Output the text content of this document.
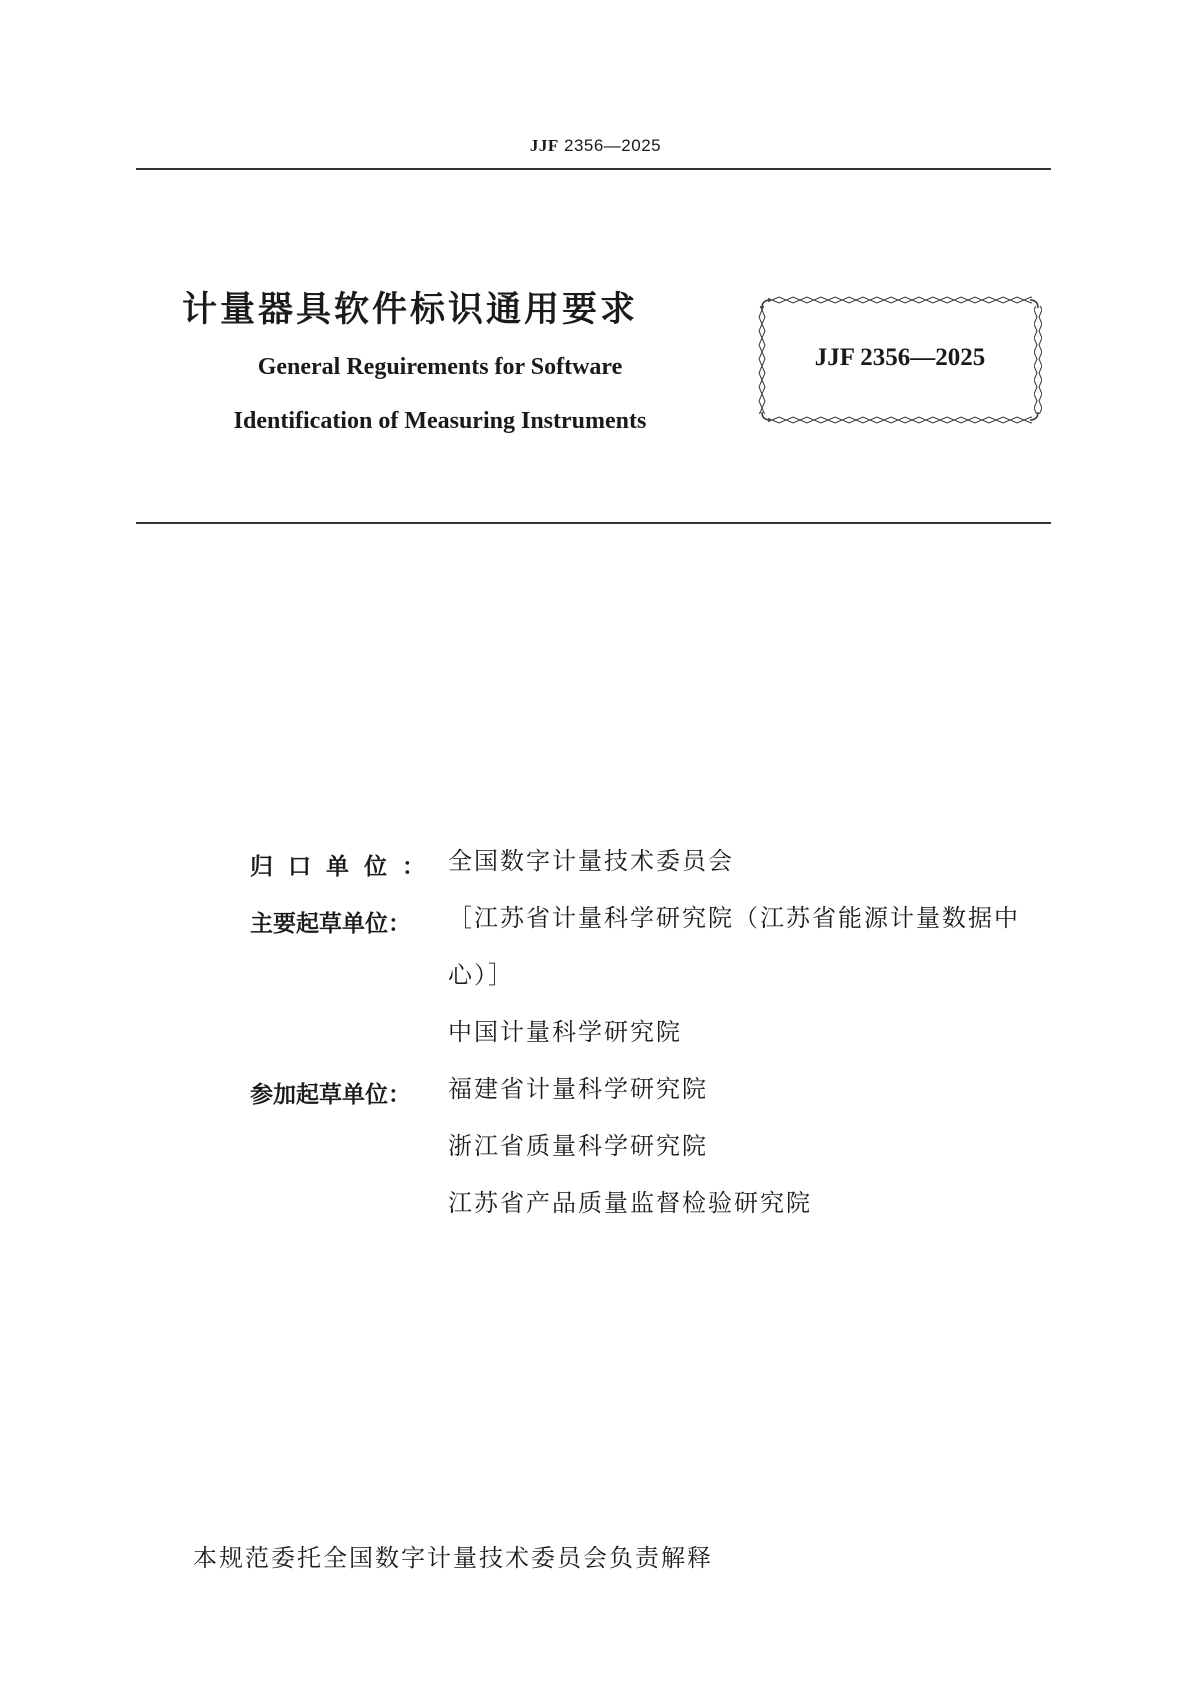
JJF 2356—2025
计量器具软件标识通用要求
General Reguirements for Software
Identification of Measuring Instruments
JJF 2356—2025
归口单位： 全国数字计量技术委员会
主要起草单位：	［江苏省计量科学研究院（江苏省能源计量数据中心）］
中国计量科学研究院
参加起草单位：	福建省计量科学研究院
浙江省质量科学研究院
江苏省产品质量监督检验研究院
本规范委托全国数字计量技术委员会负责解释
